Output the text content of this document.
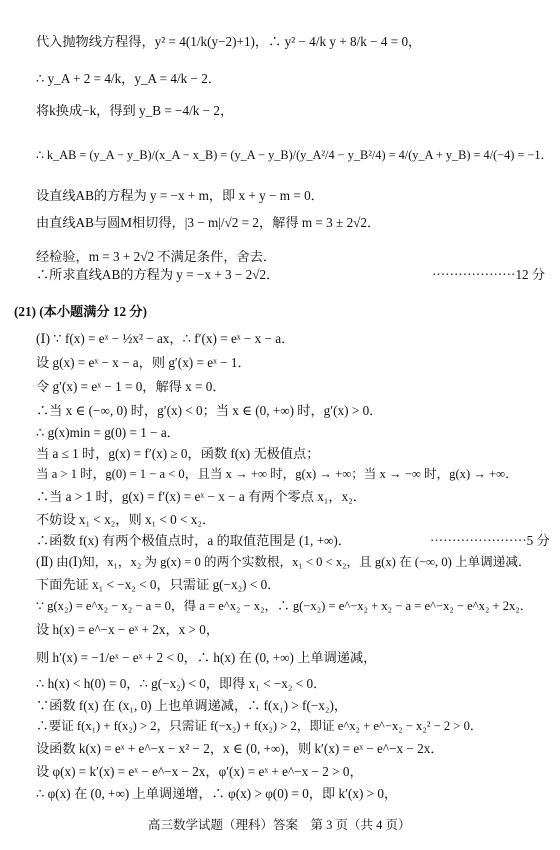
代入抛物线方程得，y² = 4(1/k(y−2)+1)，∴ y² − 4/k y + 8/k − 4 = 0，
∴ y_A + 2 = 4/k，y_A = 4/k − 2．
将k换成−k，得到 y_B = −4/k − 2，
∴ k_AB = (y_A − y_B)/(x_A − x_B) = (y_A − y_B)/(y_A²/4 − y_B²/4) = 4/(y_A + y_B) = 4/(−4) = −1．
设直线AB的方程为 y = −x + m，即 x + y − m = 0．
由直线AB与圆M相切得，|3 − m|/√2 = 2，解得 m = 3 ± 2√2．
经检验，m = 3 + 2√2 不满足条件，舍去．
∴所求直线AB的方程为 y = −x + 3 − 2√2．	···················12 分
(21) (本小题满分 12 分)
(Ⅰ) ∵ f(x) = eˣ − ½x² − ax，∴ f′(x) = eˣ − x − a．
设 g(x) = eˣ − x − a，则 g′(x) = eˣ − 1．
令 g′(x) = eˣ − 1 = 0，解得 x = 0．
∴当 x ∈ (−∞, 0) 时，g′(x) < 0；当 x ∈ (0, +∞) 时，g′(x) > 0．
∴ g(x)min = g(0) = 1 − a．
当 a ≤ 1 时，g(x) = f′(x) ≥ 0，函数 f(x) 无极值点；
当 a > 1 时，g(0) = 1 − a < 0，且当 x → +∞ 时，g(x) → +∞；当 x → −∞ 时，g(x) → +∞．
∴当 a > 1 时，g(x) = f′(x) = eˣ − x − a 有两个零点 x₁，x₂．
不妨设 x₁ < x₂，则 x₁ < 0 < x₂．
∴函数 f(x) 有两个极值点时，a 的取值范围是 (1, +∞)．	······················5 分
(Ⅱ) 由(Ⅰ)知，x₁，x₂ 为 g(x) = 0 的两个实数根，x₁ < 0 < x₂，且 g(x) 在 (−∞, 0) 上单调递减．
下面先证 x₁ < −x₂ < 0，只需证 g(−x₂) < 0．
∵ g(x₂) = e^x₂ − x₂ − a = 0，得 a = e^x₂ − x₂，∴ g(−x₂) = e^−x₂ + x₂ − a = e^−x₂ − e^x₂ + 2x₂．
设 h(x) = e^−x − eˣ + 2x，x > 0，
则 h′(x) = −1/eˣ − eˣ + 2 < 0，∴ h(x) 在 (0, +∞) 上单调递减，
∴ h(x) < h(0) = 0，∴ g(−x₂) < 0，即得 x₁ < −x₂ < 0．
∵函数 f(x) 在 (x₁, 0) 上也单调递减，∴ f(x₁) > f(−x₂)，
∴要证 f(x₁) + f(x₂) > 2，只需证 f(−x₂) + f(x₂) > 2，即证 e^x₂ + e^−x₂ − x₂² − 2 > 0．
设函数 k(x) = eˣ + e^−x − x² − 2，x ∈ (0, +∞)，则 k′(x) = eˣ − e^−x − 2x．
设 φ(x) = k′(x) = eˣ − e^−x − 2x，φ′(x) = eˣ + e^−x − 2 > 0，
∴ φ(x) 在 (0, +∞) 上单调递增，∴ φ(x) > φ(0) = 0，即 k′(x) > 0，
高三数学试题（理科）答案　第 3 页（共 4 页）
